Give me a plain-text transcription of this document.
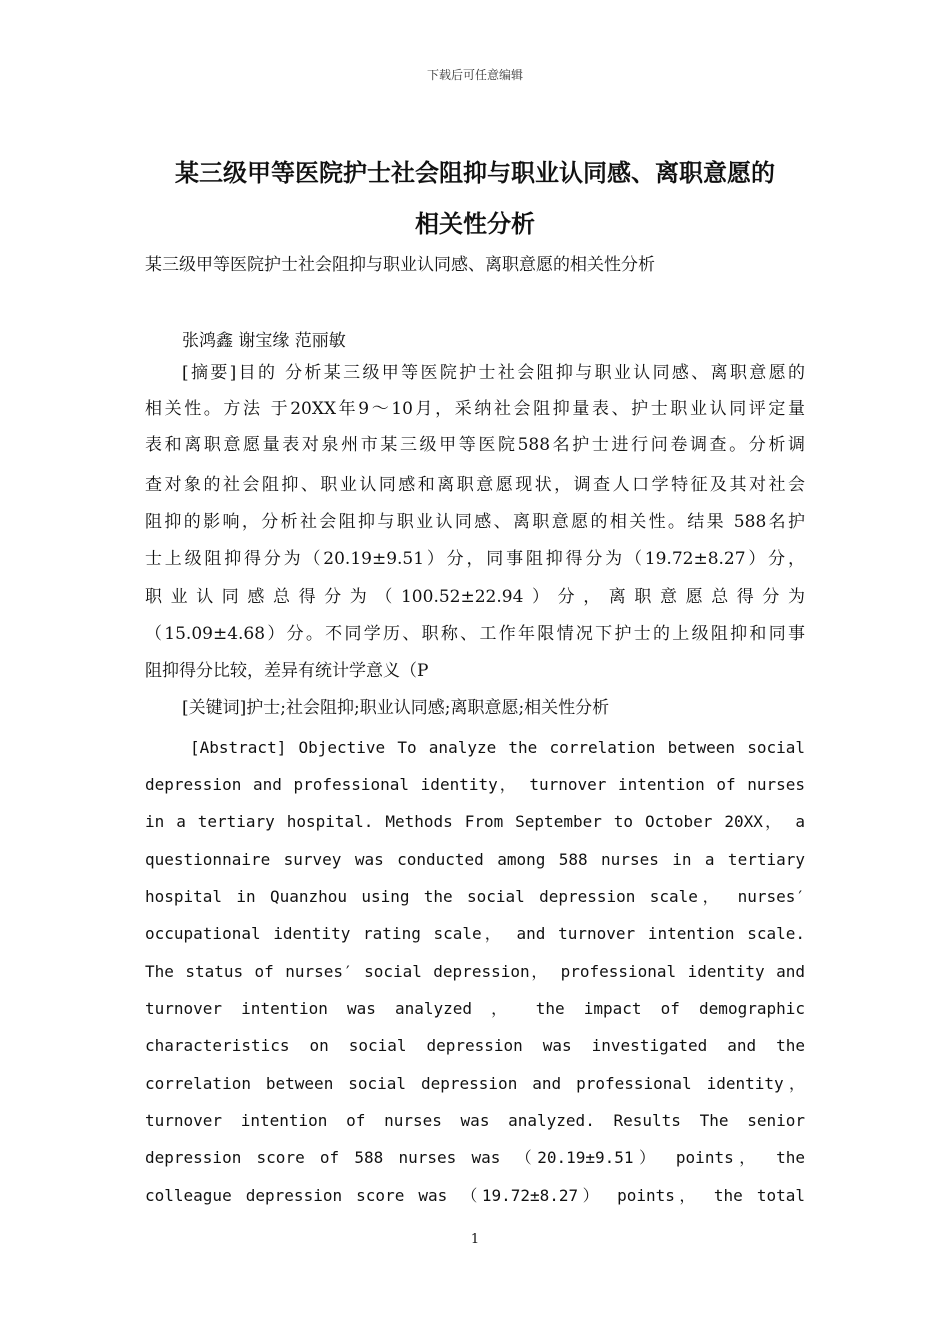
下载后可任意编辑
某三级甲等医院护士社会阻抑与职业认同感、离职意愿的
相关性分析
某三级甲等医院护士社会阻抑与职业认同感、离职意愿的相关性分析
张鸿鑫 谢宝缘 范丽敏
[摘要]目的 分析某三级甲等医院护士社会阻抑与职业认同感、离职意愿的
相关性。方法 于20XX年9～10月，采纳社会阻抑量表、护士职业认同评定量
表和离职意愿量表对泉州市某三级甲等医院588名护士进行问卷调查。分析调
查对象的社会阻抑、职业认同感和离职意愿现状，调查人口学特征及其对社会
阻抑的影响，分析社会阻抑与职业认同感、离职意愿的相关性。结果 588名护
士上级阻抑得分为（20.19±9.51）分，同事阻抑得分为（19.72±8.27）分，
职业认同感总得分为（100.52±22.94）分，离职意愿总得分为
（15.09±4.68）分。不同学历、职称、工作年限情况下护士的上级阻抑和同事
阻抑得分比较，差异有统计学意义（P
[关键词]护士;社会阻抑;职业认同感;离职意愿;相关性分析
[Abstract] Objective To analyze the correlation between social
depression and professional identity， turnover intention of nurses
in a tertiary hospital. Methods From September to October 20XX， a
questionnaire survey was conducted among 588 nurses in a tertiary
hospital in Quanzhou using the social depression scale， nurses′
occupational identity rating scale， and turnover intention scale.
The status of nurses′ social depression， professional identity and
turnover intention was analyzed ， the impact of demographic
characteristics on social depression was investigated and the
correlation between social depression and professional identity，
turnover intention of nurses was analyzed. Results The senior
depression score of 588 nurses was （20.19±9.51） points， the
colleague depression score was （19.72±8.27） points， the total
1
